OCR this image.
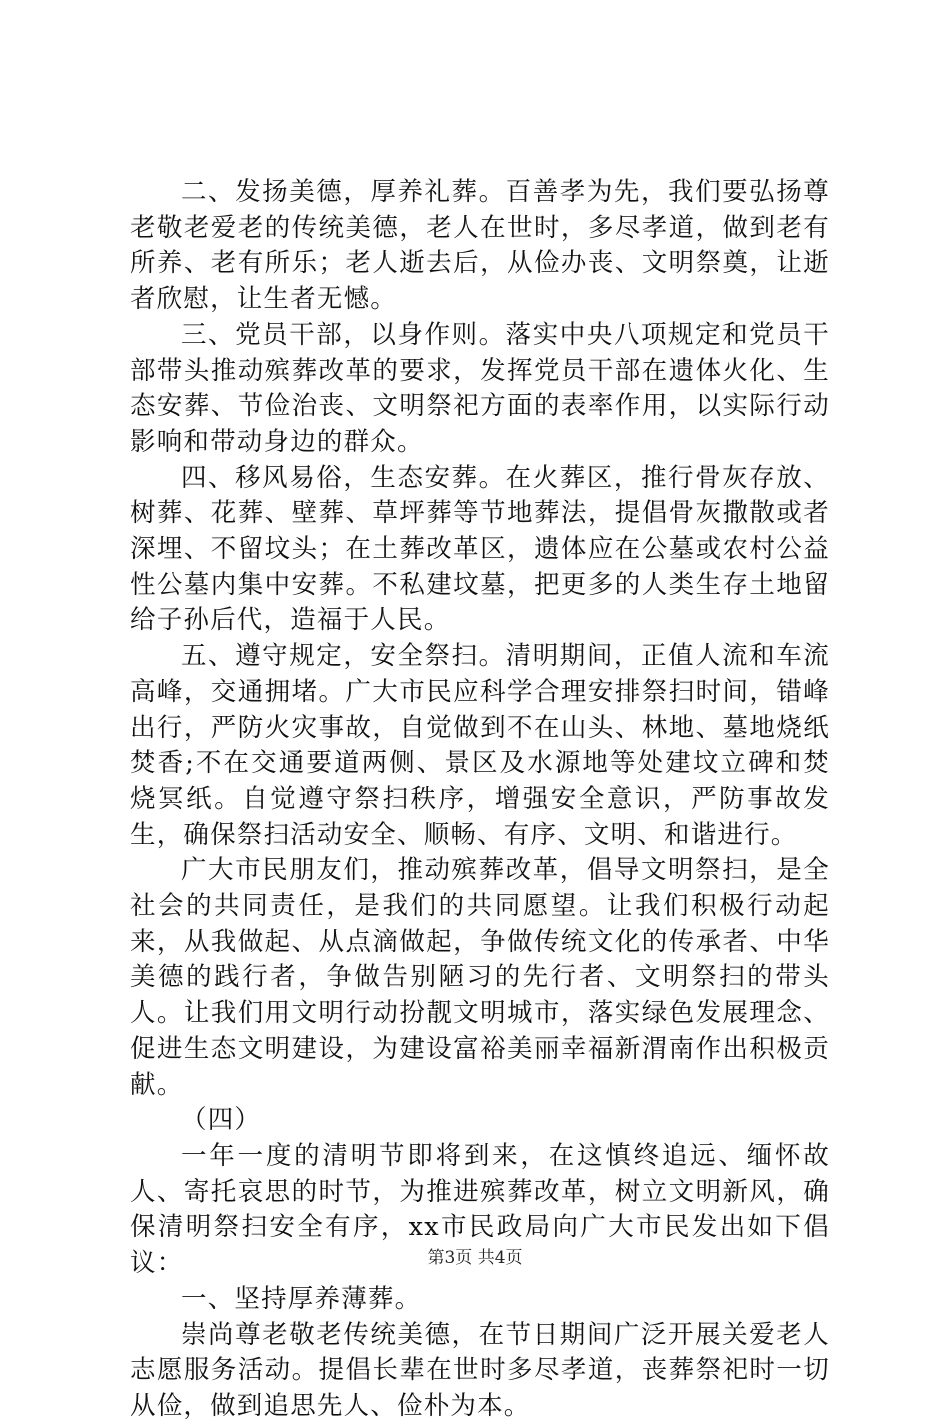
二、发扬美德，厚养礼葬。百善孝为先，我们要弘扬尊老敬老爱老的传统美德，老人在世时，多尽孝道，做到老有所养、老有所乐；老人逝去后，从俭办丧、文明祭奠，让逝者欣慰，让生者无憾。

三、党员干部，以身作则。落实中央八项规定和党员干部带头推动殡葬改革的要求，发挥党员干部在遗体火化、生态安葬、节俭治丧、文明祭祀方面的表率作用，以实际行动影响和带动身边的群众。

四、移风易俗，生态安葬。在火葬区，推行骨灰存放、树葬、花葬、壁葬、草坪葬等节地葬法，提倡骨灰撒散或者深埋、不留坟头；在土葬改革区，遗体应在公墓或农村公益性公墓内集中安葬。不私建坟墓，把更多的人类生存土地留给子孙后代，造福于人民。

五、遵守规定，安全祭扫。清明期间，正值人流和车流高峰，交通拥堵。广大市民应科学合理安排祭扫时间，错峰出行，严防火灾事故，自觉做到不在山头、林地、墓地烧纸焚香;不在交通要道两侧、景区及水源地等处建坟立碑和焚烧冥纸。自觉遵守祭扫秩序，增强安全意识，严防事故发生，确保祭扫活动安全、顺畅、有序、文明、和谐进行。

广大市民朋友们，推动殡葬改革，倡导文明祭扫，是全社会的共同责任，是我们的共同愿望。让我们积极行动起来，从我做起、从点滴做起，争做传统文化的传承者、中华美德的践行者，争做告别陋习的先行者、文明祭扫的带头人。让我们用文明行动扮靓文明城市，落实绿色发展理念、促进生态文明建设，为建设富裕美丽幸福新渭南作出积极贡献。

（四）

一年一度的清明节即将到来，在这慎终追远、缅怀故人、寄托哀思的时节，为推进殡葬改革，树立文明新风，确保清明祭扫安全有序，xx市民政局向广大市民发出如下倡议：

一、坚持厚养薄葬。

崇尚尊老敬老传统美德，在节日期间广泛开展关爱老人志愿服务活动。提倡长辈在世时多尽孝道，丧葬祭祀时一切从俭，做到追思先人、俭朴为本。

第3页 共4页
